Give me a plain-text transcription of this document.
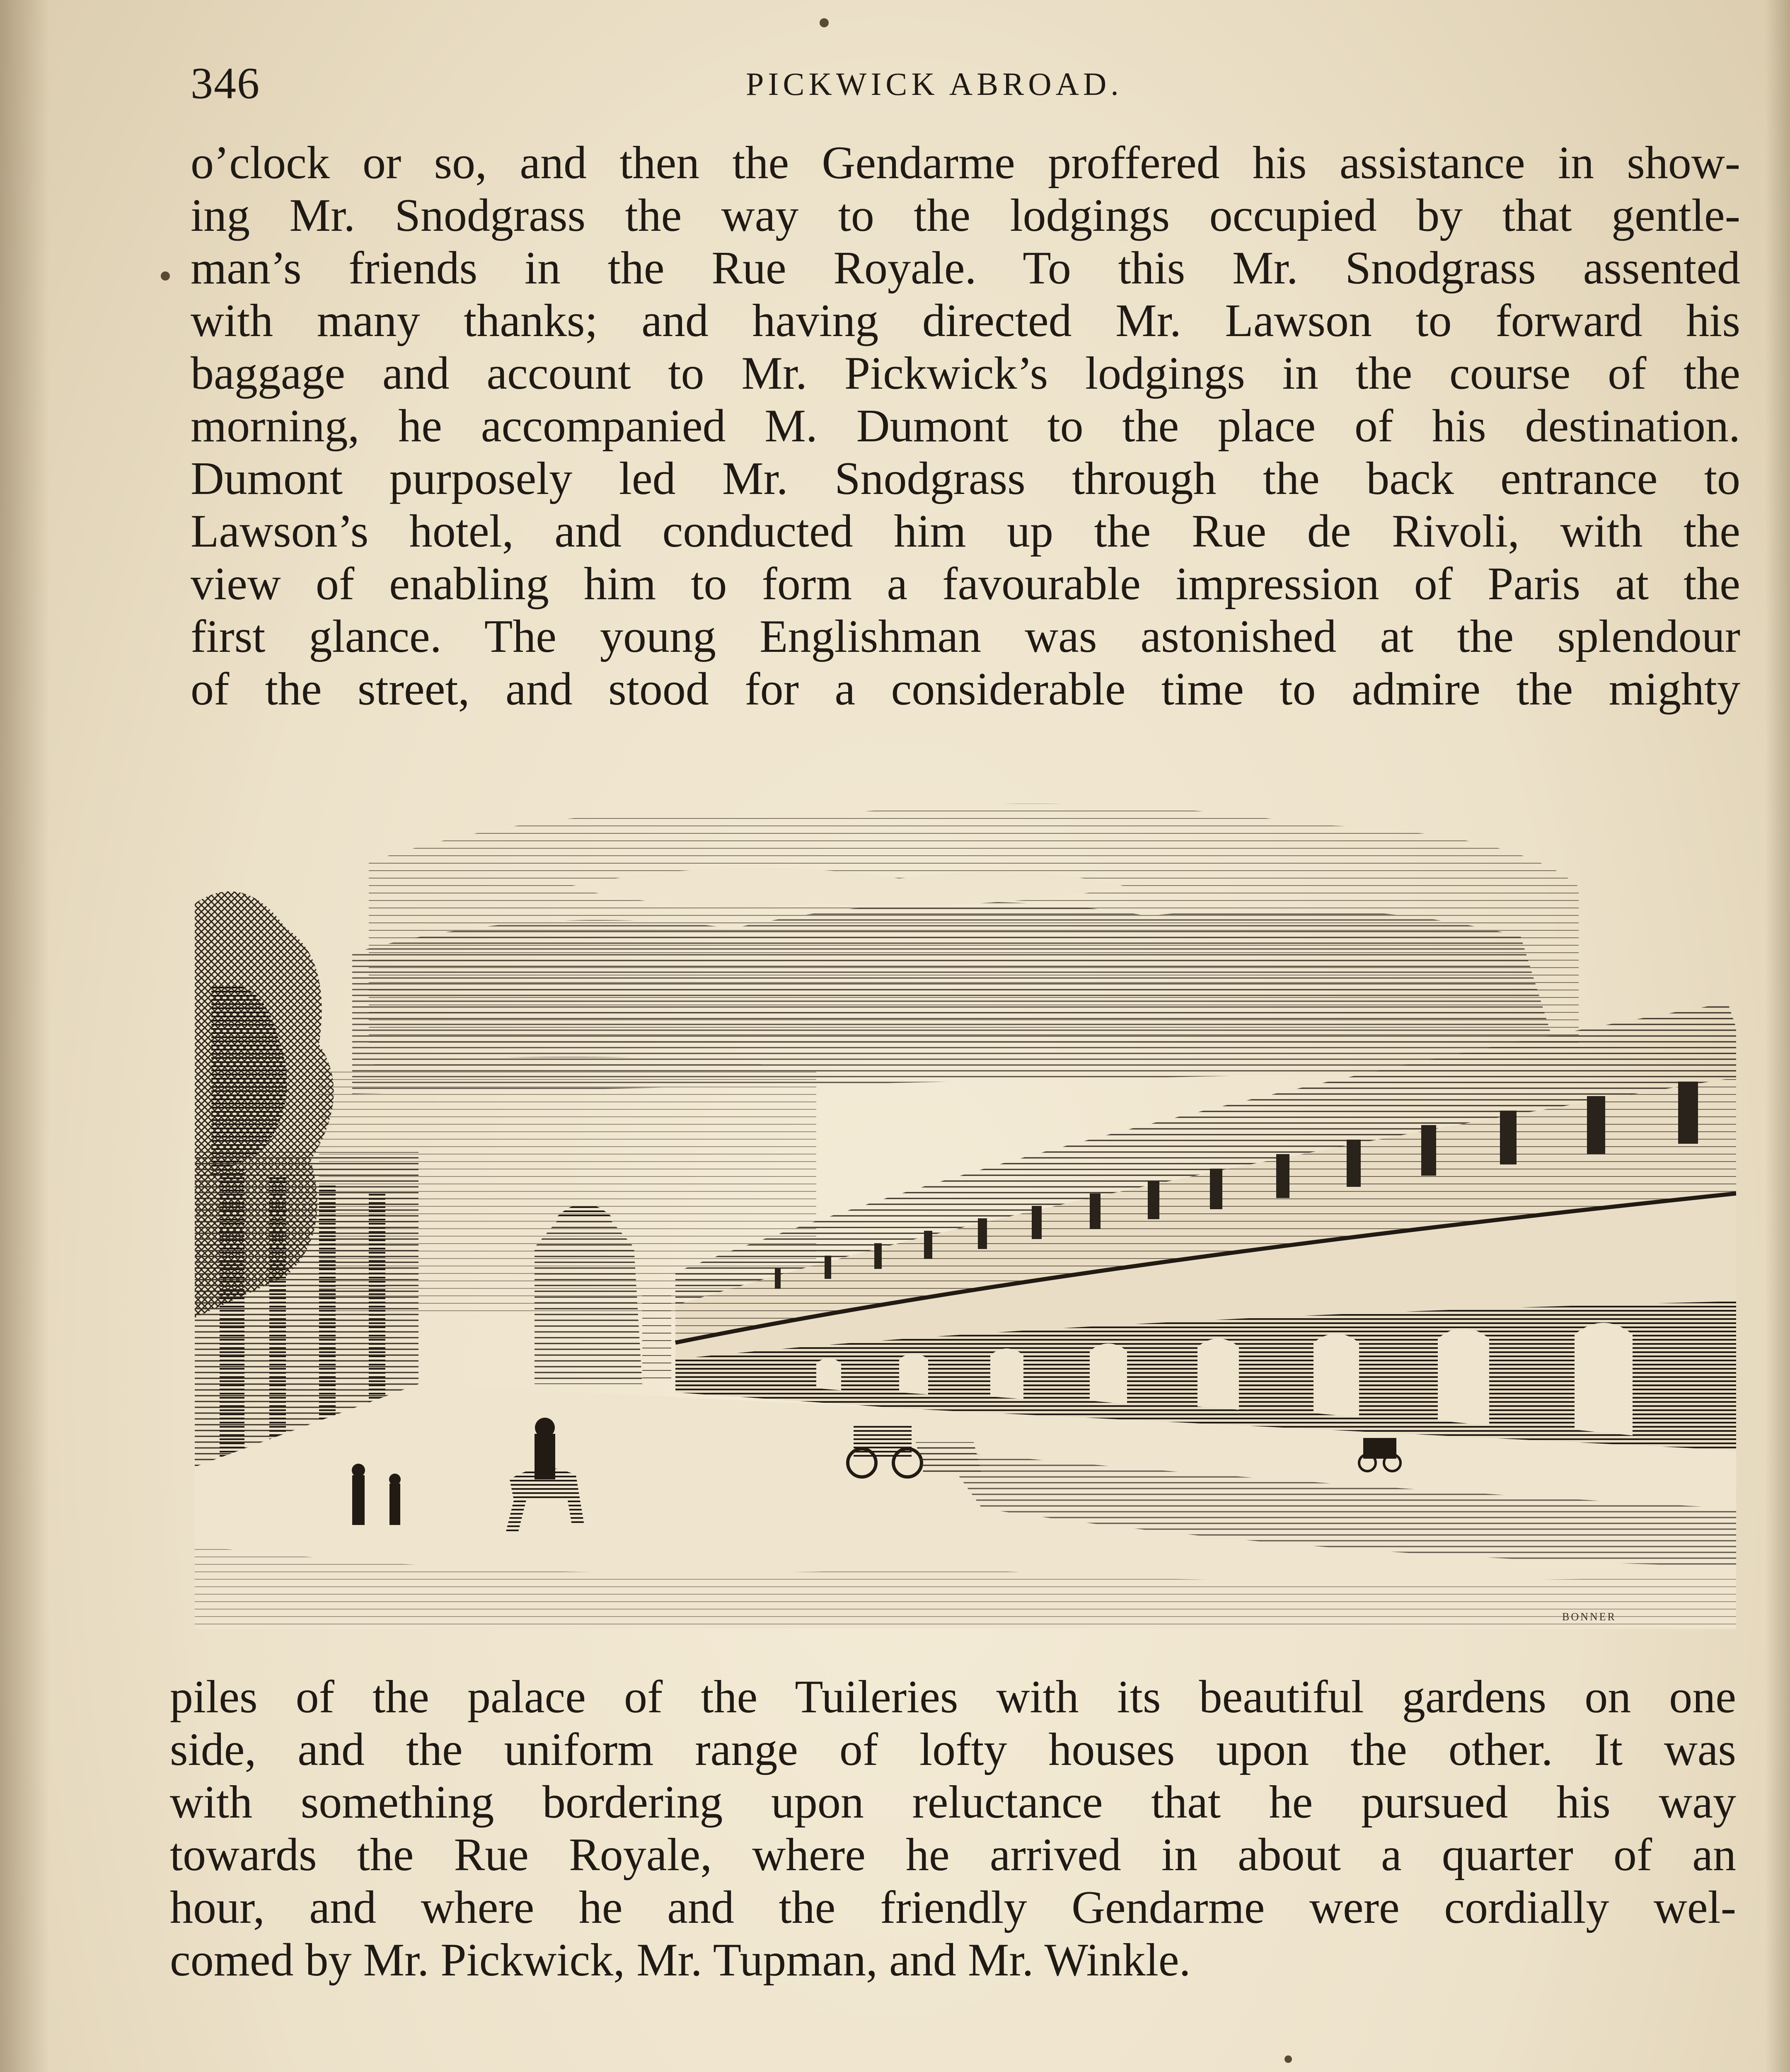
346	PICKWICK ABROAD.
o’clock or so, and then the Gendarme proffered his assistance in show-
ing Mr. Snodgrass the way to the lodgings occupied by that gentle-
man’s friends in the Rue Royale. To this Mr. Snodgrass assented
with many thanks; and having directed Mr. Lawson to forward his
baggage and account to Mr. Pickwick’s lodgings in the course of the
morning, he accompanied M. Dumont to the place of his destination.
Dumont purposely led Mr. Snodgrass through the back entrance to
Lawson’s hotel, and conducted him up the Rue de Rivoli, with the
view of enabling him to form a favourable impression of Paris at the
first glance. The young Englishman was astonished at the splendour
of the street, and stood for a considerable time to admire the mighty
BONNER
piles of the palace of the Tuileries with its beautiful gardens on one
side, and the uniform range of lofty houses upon the other. It was
with something bordering upon reluctance that he pursued his way
towards the Rue Royale, where he arrived in about a quarter of an
hour, and where he and the friendly Gendarme were cordially wel-
comed by Mr. Pickwick, Mr. Tupman, and Mr. Winkle.
